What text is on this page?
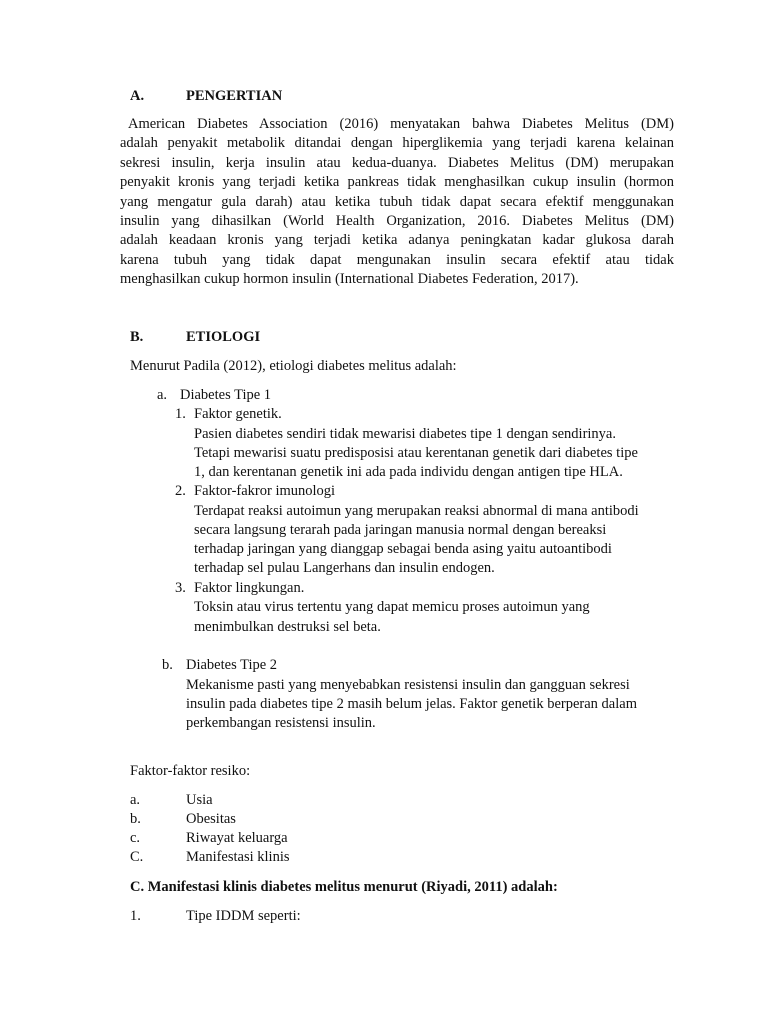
A.	PENGERTIAN
American Diabetes Association (2016) menyatakan bahwa Diabetes Melitus (DM)
adalah penyakit metabolik ditandai dengan hiperglikemia yang terjadi karena kelainan
sekresi insulin, kerja insulin atau kedua-duanya. Diabetes Melitus (DM) merupakan
penyakit kronis yang terjadi ketika pankreas tidak menghasilkan cukup insulin (hormon
yang mengatur gula darah) atau ketika tubuh tidak dapat secara efektif menggunakan
insulin yang dihasilkan (World Health Organization, 2016. Diabetes Melitus (DM)
adalah keadaan kronis yang terjadi ketika adanya peningkatan kadar glukosa darah
karena tubuh yang tidak dapat mengunakan insulin secara efektif atau tidak
menghasilkan cukup hormon insulin (International Diabetes Federation, 2017).
B.	ETIOLOGI
Menurut Padila (2012), etiologi diabetes melitus adalah:
a. Diabetes Tipe 1
1. Faktor genetik.
Pasien diabetes sendiri tidak mewarisi diabetes tipe 1 dengan sendirinya.
Tetapi mewarisi suatu predisposisi atau kerentanan genetik dari diabetes tipe
1, dan kerentanan genetik ini ada pada individu dengan antigen tipe HLA.
2. Faktor-fakror imunologi
Terdapat reaksi autoimun yang merupakan reaksi abnormal di mana antibodi
secara langsung terarah pada jaringan manusia normal dengan bereaksi
terhadap jaringan yang dianggap sebagai benda asing yaitu autoantibodi
terhadap sel pulau Langerhans dan insulin endogen.
3. Faktor lingkungan.
Toksin atau virus tertentu yang dapat memicu proses autoimun yang
menimbulkan destruksi sel beta.
b. Diabetes Tipe 2
Mekanisme pasti yang menyebabkan resistensi insulin dan gangguan sekresi
insulin pada diabetes tipe 2 masih belum jelas. Faktor genetik berperan dalam
perkembangan resistensi insulin.
Faktor-faktor resiko:
a.	Usia
b.	Obesitas
c.	Riwayat keluarga
C.	Manifestasi klinis
C. Manifestasi klinis diabetes melitus menurut (Riyadi, 2011) adalah:
1.	Tipe IDDM seperti:
